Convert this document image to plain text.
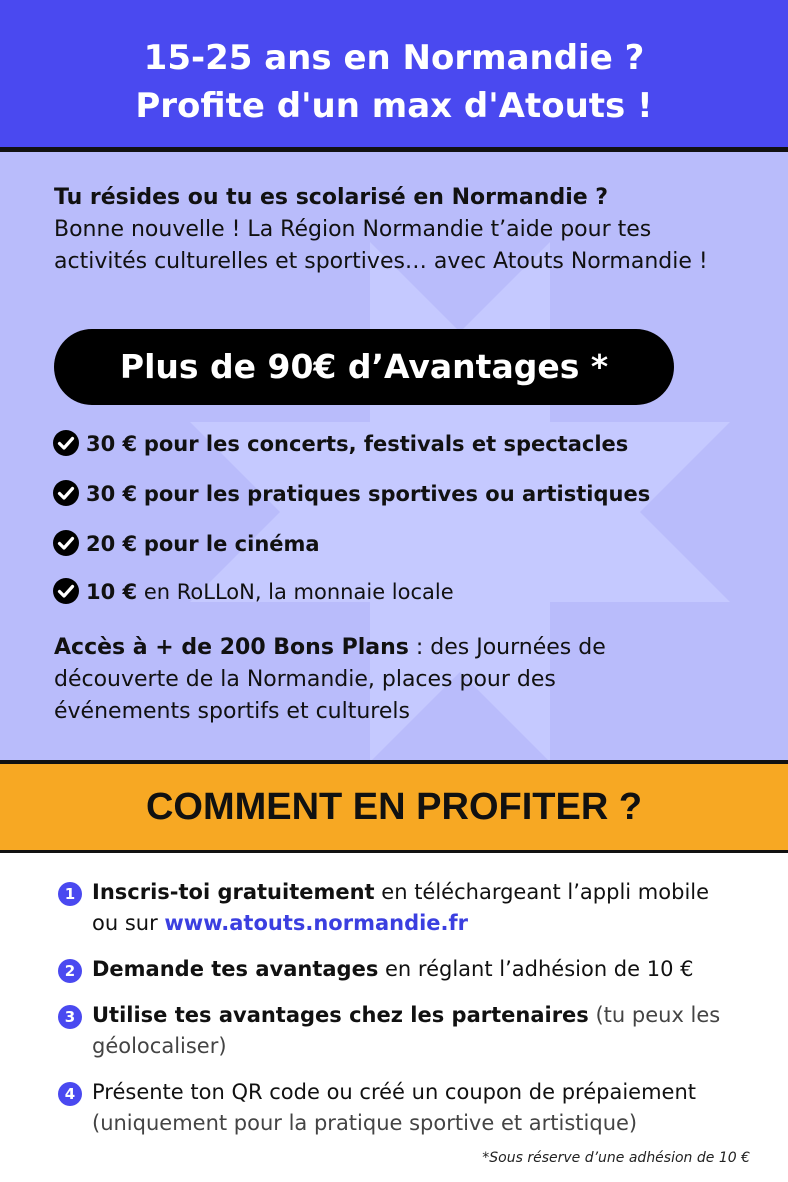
15-25 ans en Normandie ?
Profite d'un max d'Atouts !
Tu résides ou tu es scolarisé en Normandie ?
Bonne nouvelle ! La Région Normandie t’aide pour tes activités culturelles et sportives… avec Atouts Normandie !
Plus de 90€ d’Avantages *
30 € pour les concerts, festivals et spectacles
30 € pour les pratiques sportives ou artistiques
20 € pour le cinéma
10 € en RoLLoN, la monnaie locale
Accès à + de 200 Bons Plans : des Journées de découverte de la Normandie, places pour des événements sportifs et culturels
COMMENT EN PROFITER ?
1 Inscris-toi gratuitement en téléchargeant l’appli mobile ou sur www.atouts.normandie.fr
2 Demande tes avantages en réglant l’adhésion de 10 €
3 Utilise tes avantages chez les partenaires (tu peux les géolocaliser)
4 Présente ton QR code ou créé un coupon de prépaiement
(uniquement pour la pratique sportive et artistique)
*Sous réserve d’une adhésion de 10 €
